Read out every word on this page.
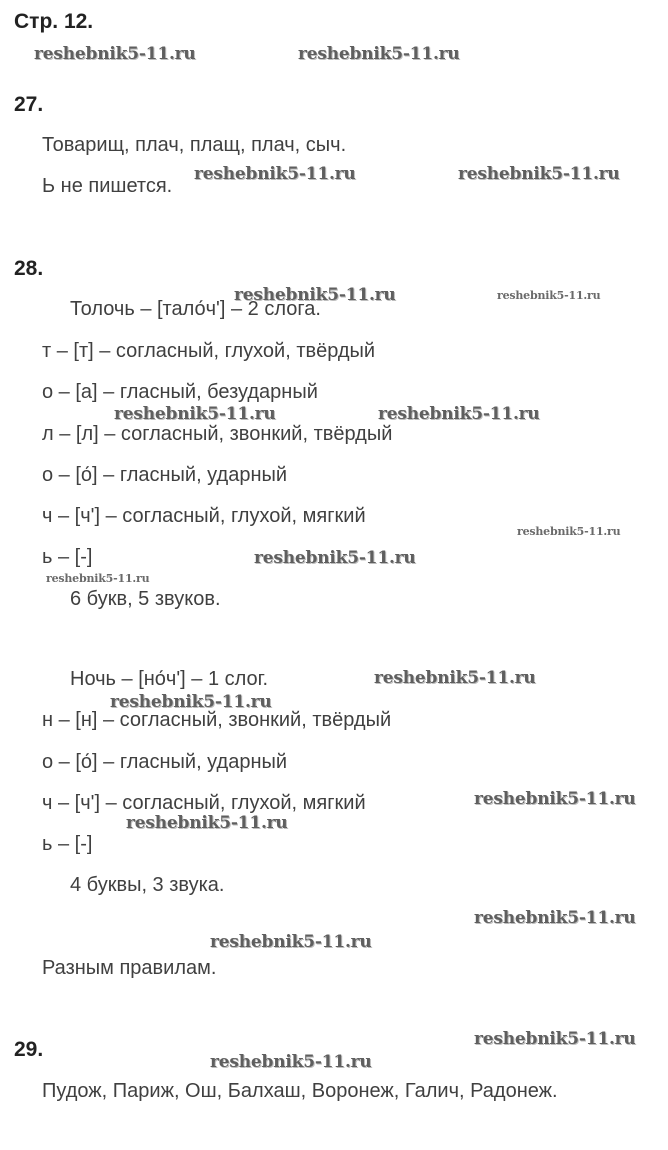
Стр. 12.
27.
Товарищ, плач, плащ, плач, сыч.
Ь не пишется.
28.
Толочь – [тало́ч'] – 2 слога.
т – [т] – согласный, глухой, твёрдый
о – [а] – гласный, безударный
л – [л] – согласный, звонкий, твёрдый
о – [о́] – гласный, ударный
ч – [ч'] – согласный, глухой, мягкий
ь – [-]
6 букв, 5 звуков.
Ночь – [но́ч'] – 1 слог.
н – [н] – согласный, звонкий, твёрдый
о – [о́] – гласный, ударный
ч – [ч'] – согласный, глухой, мягкий
ь – [-]
4 буквы, 3 звука.
Разным правилам.
29.
Пудож, Париж, Ош, Балхаш, Воронеж, Галич, Радонеж.
reshebnik5-11.ru	reshebnik5-11.ru
reshebnik5-11.ru	reshebnik5-11.ru
reshebnik5-11.ru	reshebnik5-11.ru
reshebnik5-11.ru	reshebnik5-11.ru
reshebnik5-11.ru
reshebnik5-11.ru
reshebnik5-11.ru
reshebnik5-11.ru
reshebnik5-11.ru
reshebnik5-11.ru
reshebnik5-11.ru
reshebnik5-11.ru
reshebnik5-11.ru
reshebnik5-11.ru
reshebnik5-11.ru
